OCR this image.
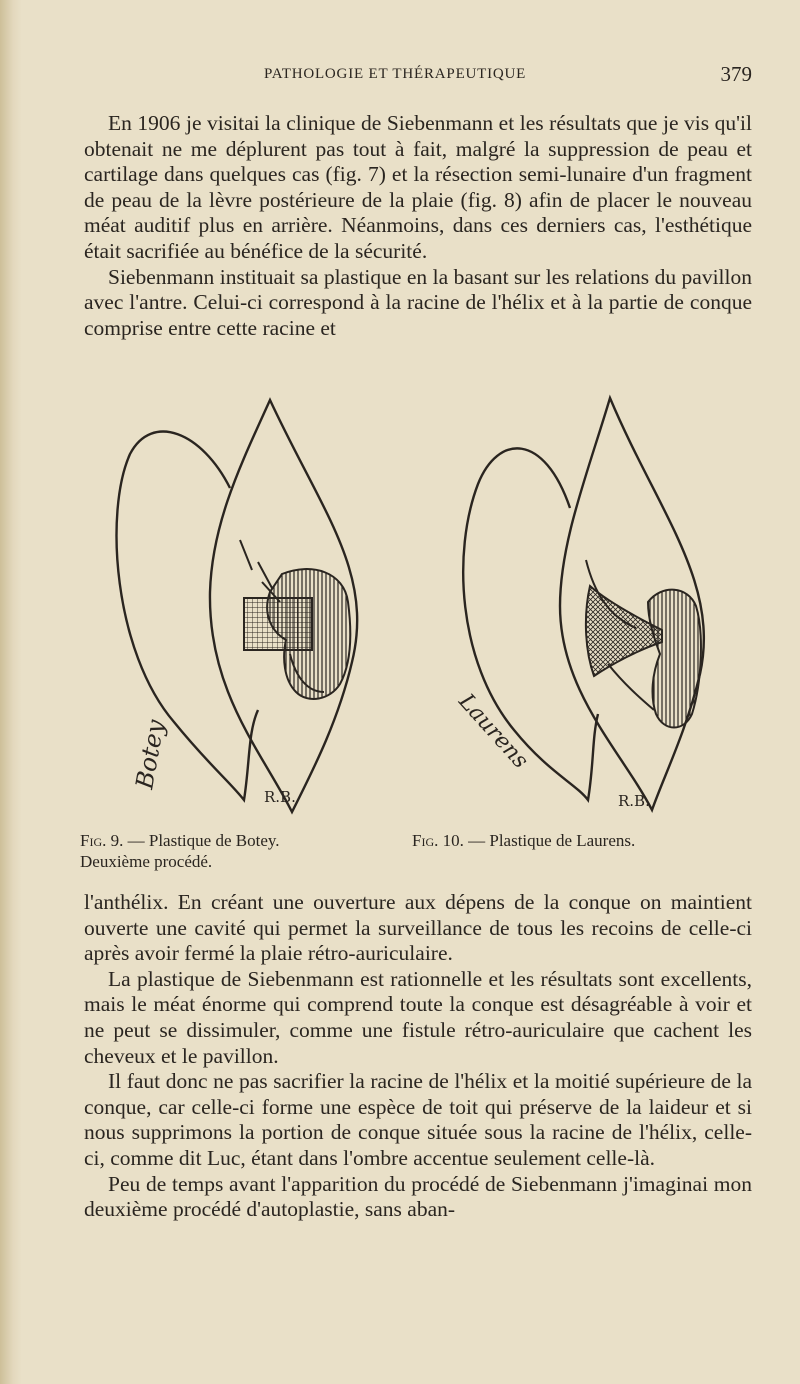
PATHOLOGIE ET THÉRAPEUTIQUE	379

En 1906 je visitai la clinique de Siebenmann et les résultats que je vis qu'il obtenait ne me déplurent pas tout à fait, malgré la suppression de peau et cartilage dans quelques cas (fig. 7) et la résection semi-lunaire d'un fragment de peau de la lèvre postérieure de la plaie (fig. 8) afin de placer le nouveau méat auditif plus en arrière. Néanmoins, dans ces derniers cas, l'esthétique était sacrifiée au bénéfice de la sécurité.

Siebenmann instituait sa plastique en la basant sur les relations du pavillon avec l'antre. Celui-ci correspond à la racine de l'hélix et à la partie de conque comprise entre cette racine et

Botey
R.B.
Laurens
R.B.
Fig. 9. — Plastique de Botey.
Deuxième procédé.
Fig. 10. — Plastique de Laurens.

l'anthélix. En créant une ouverture aux dépens de la conque on maintient ouverte une cavité qui permet la surveillance de tous les recoins de celle-ci après avoir fermé la plaie rétro-auriculaire.

La plastique de Siebenmann est rationnelle et les résultats sont excellents, mais le méat énorme qui comprend toute la conque est désagréable à voir et ne peut se dissimuler, comme une fistule rétro-auriculaire que cachent les cheveux et le pavillon.

Il faut donc ne pas sacrifier la racine de l'hélix et la moitié supérieure de la conque, car celle-ci forme une espèce de toit qui préserve de la laideur et si nous supprimons la portion de conque située sous la racine de l'hélix, celle-ci, comme dit Luc, étant dans l'ombre accentue seulement celle-là.

Peu de temps avant l'apparition du procédé de Siebenmann j'imaginai mon deuxième procédé d'autoplastie, sans aban-
